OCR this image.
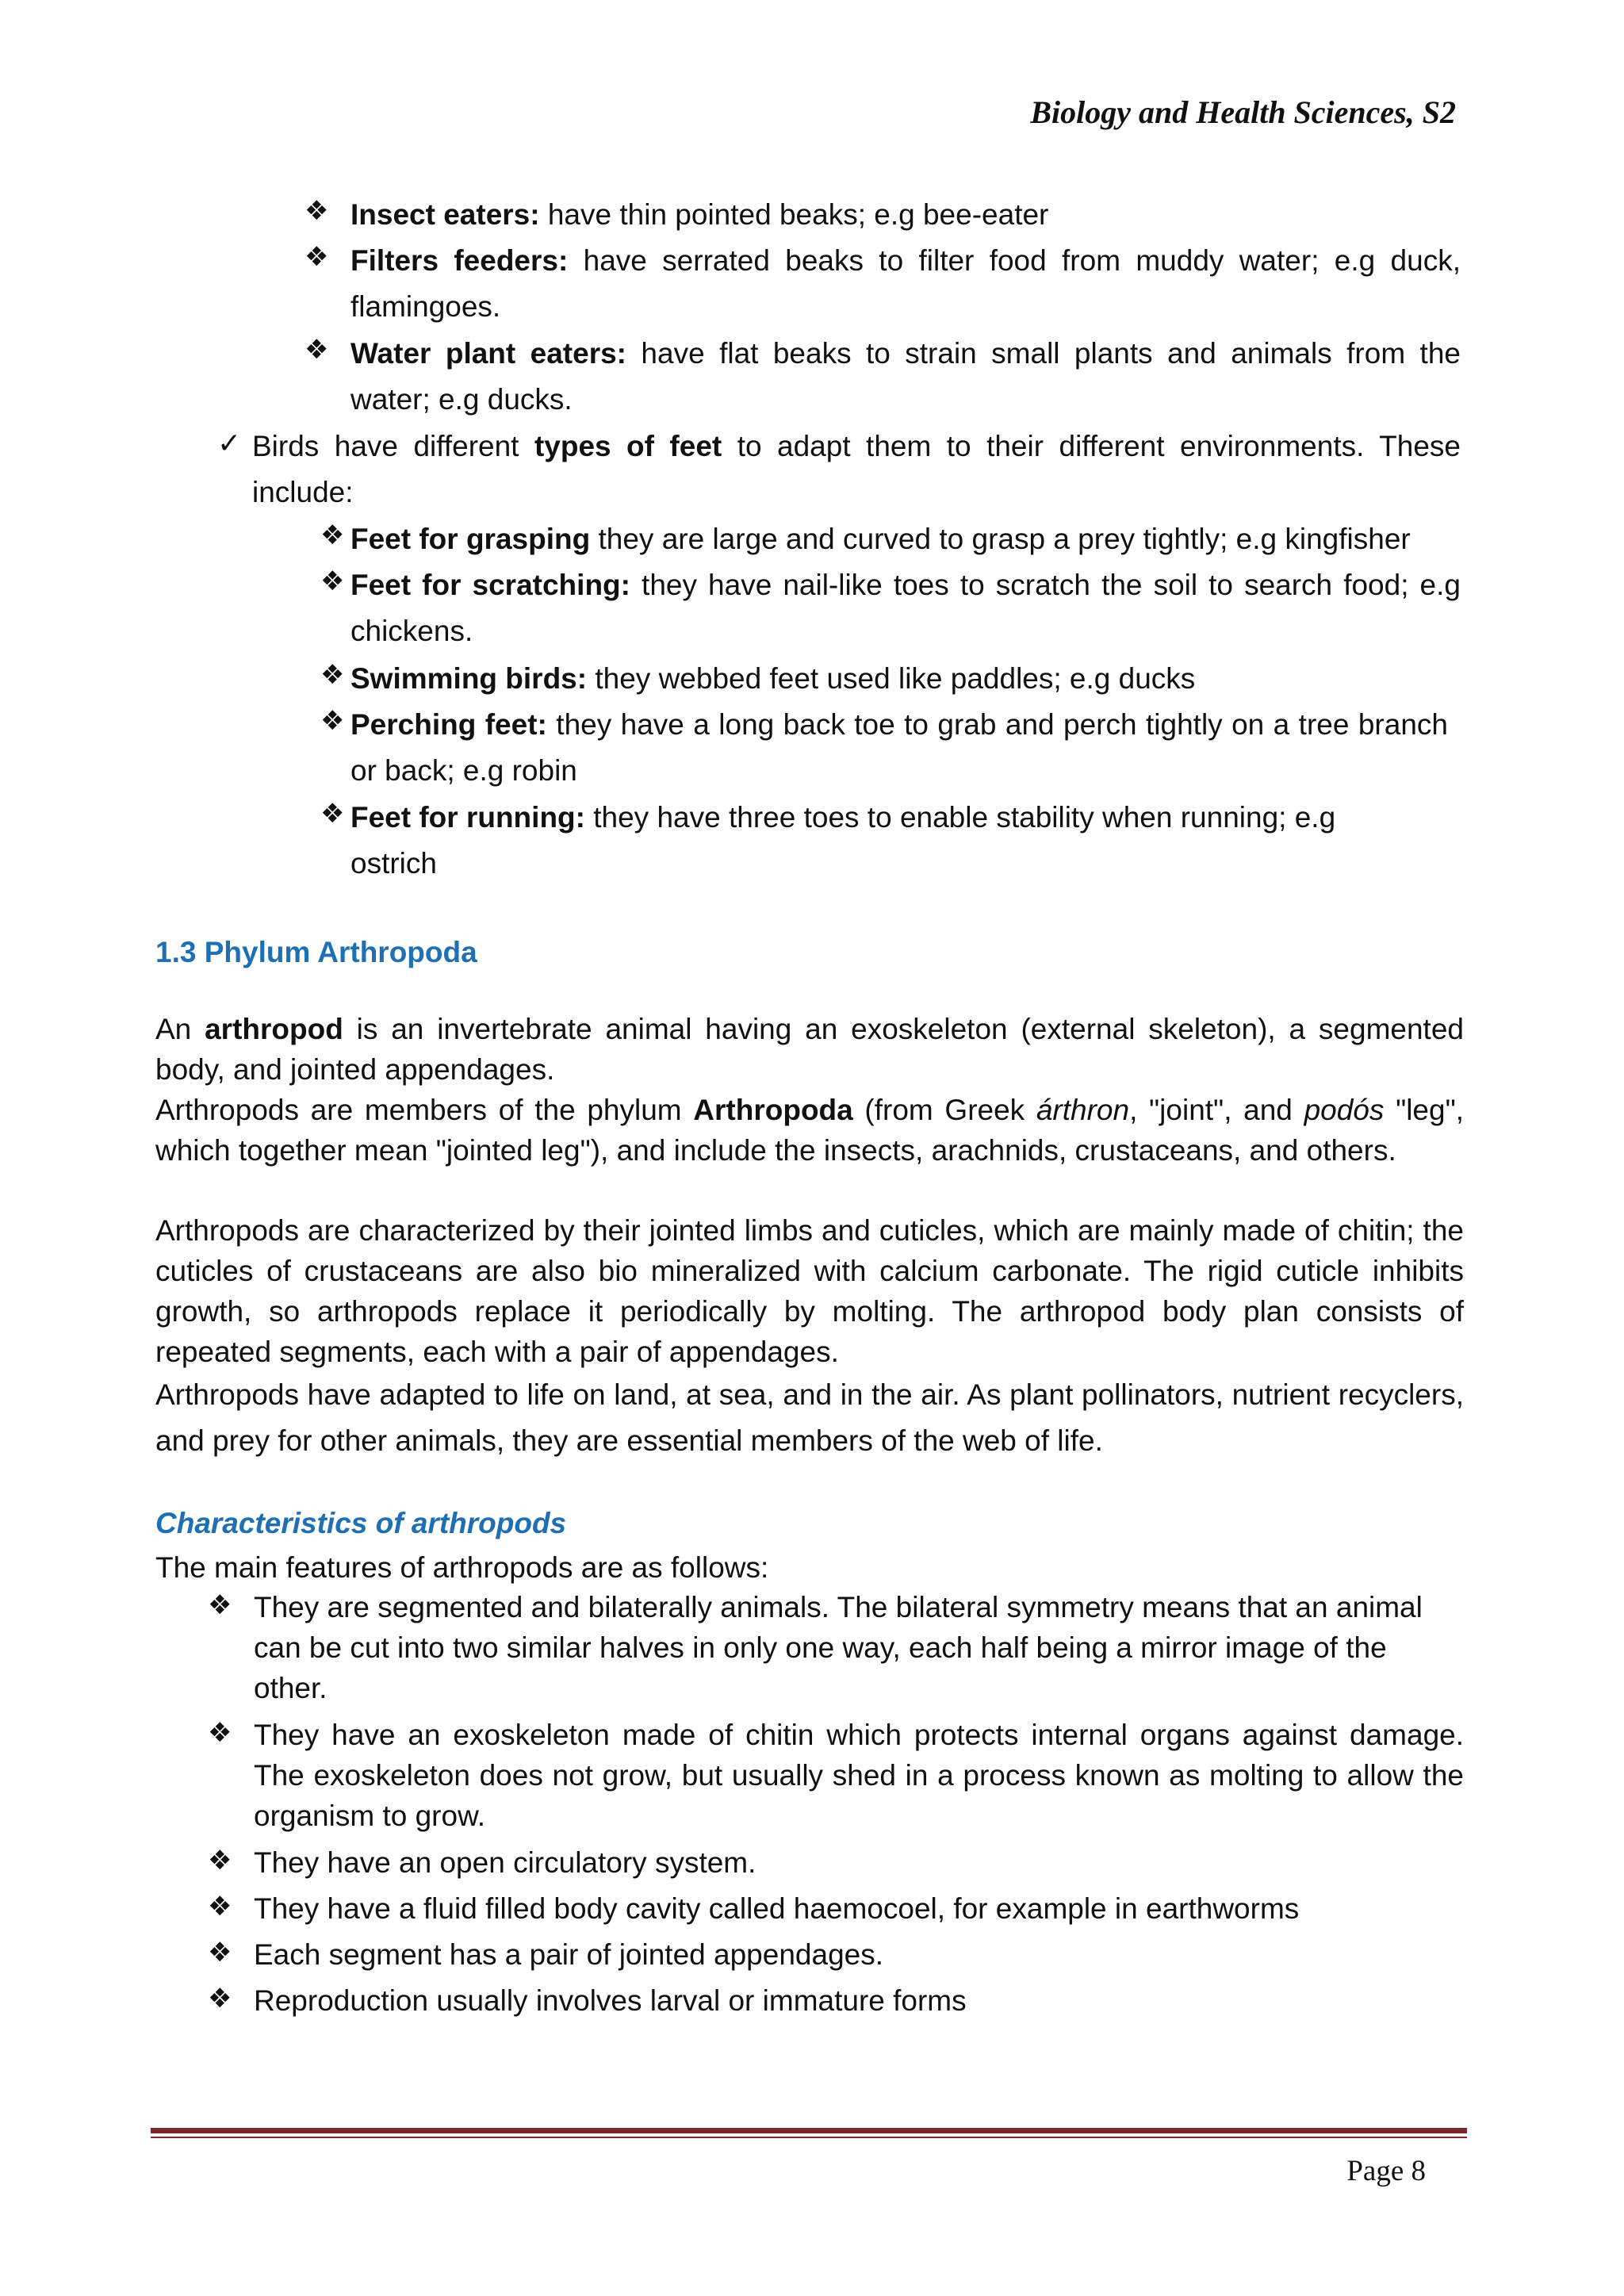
Biology and Health Sciences, S2
❖ Insect eaters: have thin pointed beaks; e.g bee-eater
❖ Filters feeders: have serrated beaks to filter food from muddy water; e.g duck, flamingoes.
❖ Water plant eaters: have flat beaks to strain small plants and animals from the water; e.g ducks.
✓ Birds have different types of feet to adapt them to their different environments. These include:
❖ Feet for grasping they are large and curved to grasp a prey tightly; e.g kingfisher
❖ Feet for scratching: they have nail-like toes to scratch the soil to search food; e.g chickens.
❖ Swimming birds: they webbed feet used like paddles; e.g ducks
❖ Perching feet: they have a long back toe to grab and perch tightly on a tree branch or back; e.g robin
❖ Feet for running: they have three toes to enable stability when running; e.g ostrich
1.3 Phylum Arthropoda
An arthropod is an invertebrate animal having an exoskeleton (external skeleton), a segmented body, and jointed appendages.
Arthropods are members of the phylum Arthropoda (from Greek árthron, "joint", and podós "leg", which together mean "jointed leg"), and include the insects, arachnids, crustaceans, and others.
Arthropods are characterized by their jointed limbs and cuticles, which are mainly made of chitin; the cuticles of crustaceans are also bio mineralized with calcium carbonate. The rigid cuticle inhibits growth, so arthropods replace it periodically by molting. The arthropod body plan consists of repeated segments, each with a pair of appendages.
Arthropods have adapted to life on land, at sea, and in the air. As plant pollinators, nutrient recyclers, and prey for other animals, they are essential members of the web of life.
Characteristics of arthropods
The main features of arthropods are as follows:
❖ They are segmented and bilaterally animals. The bilateral symmetry means that an animal can be cut into two similar halves in only one way, each half being a mirror image of the other.
❖ They have an exoskeleton made of chitin which protects internal organs against damage. The exoskeleton does not grow, but usually shed in a process known as molting to allow the organism to grow.
❖ They have an open circulatory system.
❖ They have a fluid filled body cavity called haemocoel, for example in earthworms
❖ Each segment has a pair of jointed appendages.
❖ Reproduction usually involves larval or immature forms
Page 8
